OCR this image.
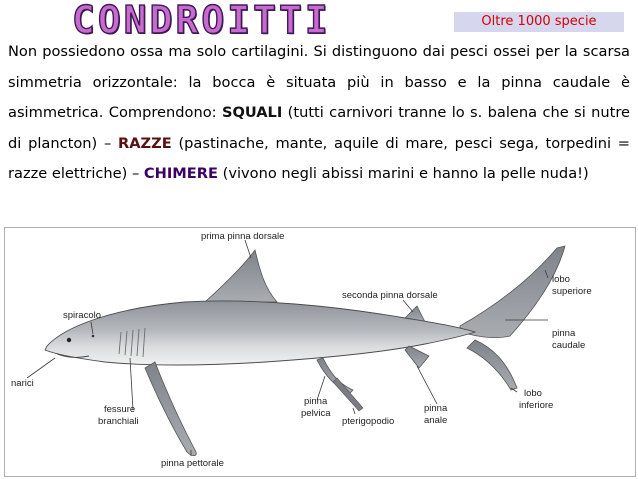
CONDROITTI	Oltre 1000 specie

Non possiedono ossa ma solo cartilagini. Si distinguono dai pesci ossei per la scarsa simmetria orizzontale: la bocca è situata più in basso e la pinna caudale è asimmetrica. Comprendono: SQUALI (tutti carnivori tranne lo s. balena che si nutre di plancton) – RAZZE (pastinache, mante, aquile di mare, pesci sega, torpedini = razze elettriche) – CHIMERE (vivono negli abissi marini e hanno la pelle nuda!)

prima pinna dorsale
seconda pinna dorsale
spiracolo
lobo
superiore
pinna
caudale
narici
fessure
branchiali
pinna
pelvica
pterigopodio
pinna
anale
lobo
inferiore
pinna pettorale
